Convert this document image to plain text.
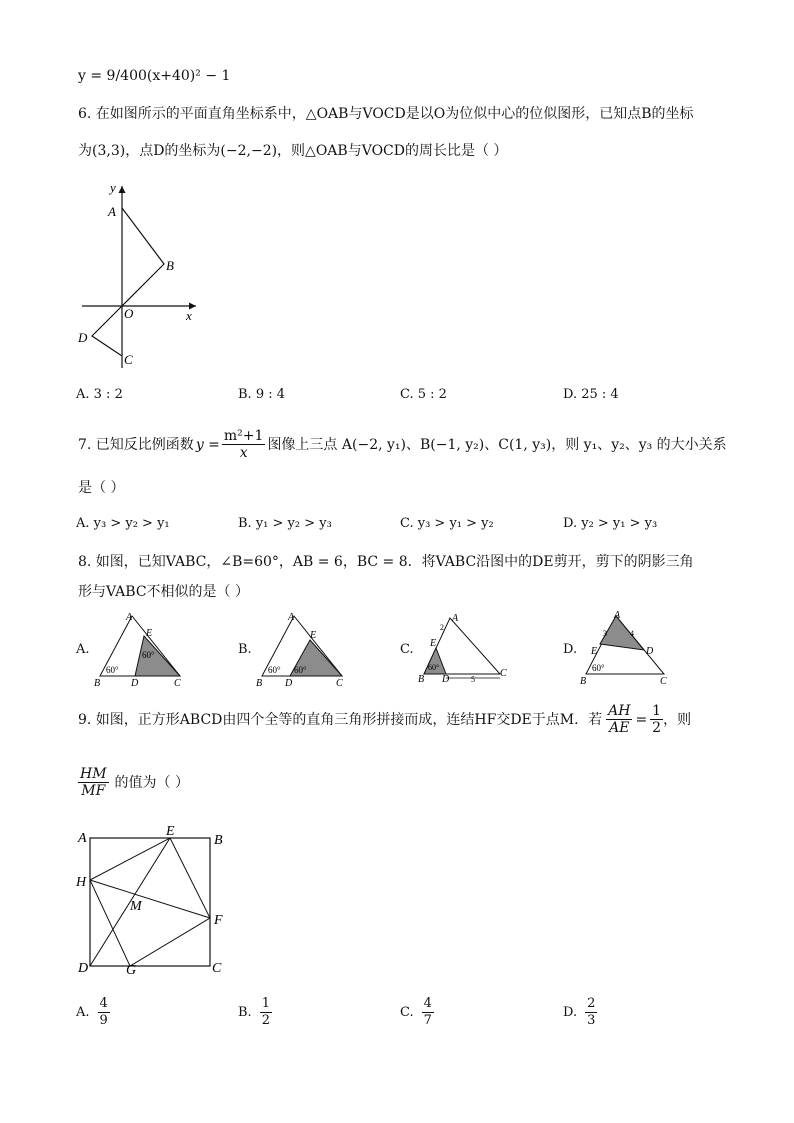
y = 9/400(x+40)² − 1
6. 在如图所示的平面直角坐标系中，△OAB与VOCD是以O为位似中心的位似图形，已知点B的坐标
为(3,3)，点D的坐标为(−2,−2)，则△OAB与VOCD的周长比是（ ）
y
A
B
O	x
D
C
A. 3 : 2	B. 9 : 4	C. 5 : 2	D. 25 : 4
7. 已知反比例函数 $y = \frac{\text{m²+1}}{x}$ 图像上三点 A(−2, y₁)、B(−1, y₂)、C(1, y₃)，则 y₁、y₂、y₃ 的大小关系
是（ ）
A. y₃ > y₂ > y₁	B. y₁ > y₂ > y₃	C. y₃ > y₁ > y₂	D. y₂ > y₁ > y₃
8. 如图，已知VABC，∠B=60°，AB = 6，BC = 8．将VABC沿图中的DE剪开，剪下的阴影三角
形与VABC不相似的是（ ）
A.
A
E
60°
60°
B	D	C
B.
A
E
60° 60°
B D	C
C.
A
2
E
60°
B D	5
C
D.
A
3	4
E	D
60°
B	C
9. 如图，正方形ABCD由四个全等的直角三角形拼接而成，连结HF交DE于点M．若 $\frac{AH}{AE} = \frac{1}{2}$ ，则
$\frac{HM}{MF}$ 的值为（ ）
A	E
B
H
M
F
D	G	C
A. $\frac{4}{9}$	B. $\frac{1}{2}$	C. $\frac{4}{7}$	D. $\frac{2}{3}$
